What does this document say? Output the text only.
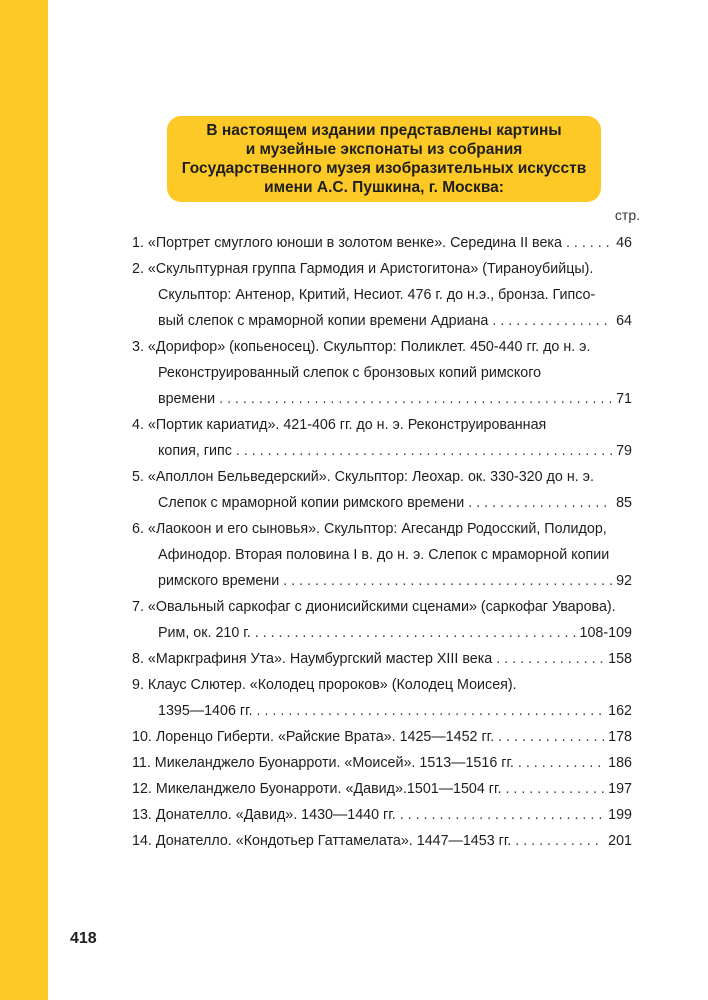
В настоящем издании представлены картины
и музейные экспонаты из собрания
Государственного музея изобразительных искусств
имени А.С. Пушкина, г. Москва:
стр.
1. «Портрет смуглого юноши в золотом венке». Середина II века . . .	46
2. «Скульптурная группа Гармодия и Аристогитона» (Тираноубийцы).
Скульптор: Антенор, Критий, Несиот. 476 г. до н.э., бронза. Гипсо-
вый слепок с мраморной копии времени Адриана . . .	64
3. «Дорифор» (копьеносец). Скульптор: Поликлет. 450-440 гг. до н. э.
Реконструированный слепок с бронзовых копий римского
времени . . .	71
4. «Портик кариатид». 421-406 гг. до н. э. Реконструированная
копия, гипс . . .	79
5. «Аполлон Бельведерский». Скульптор: Леохар. ок. 330-320 до н. э.
Слепок с мраморной копии римского времени . . .	85
6. «Лаокоон и его сыновья». Скульптор: Агесандр Родосский, Полидор,
Афинодор. Вторая половина I в. до н. э. Слепок с мраморной копии
римского времени . . .	92
7. «Овальный саркофаг с дионисийскими сценами» (саркофаг Уварова).
Рим, ок. 210 г. . . .	108-109
8. «Маркграфиня Ута». Наумбургский мастер XIII века . . .	158
9. Клаус Слютер. «Колодец пророков» (Колодец Моисея).
1395—1406 гг. . . .	162
10. Лоренцо Гиберти. «Райские Врата». 1425—1452 гг. . . .	178
11. Микеланджело Буонарроти. «Моисей». 1513—1516 гг. . . .	186
12. Микеланджело Буонарроти. «Давид».1501—1504 гг. . . .	197
13. Донателло. «Давид». 1430—1440 гг. . . .	199
14. Донателло. «Кондотьер Гаттамелата». 1447—1453 гг. . . .	201
418
